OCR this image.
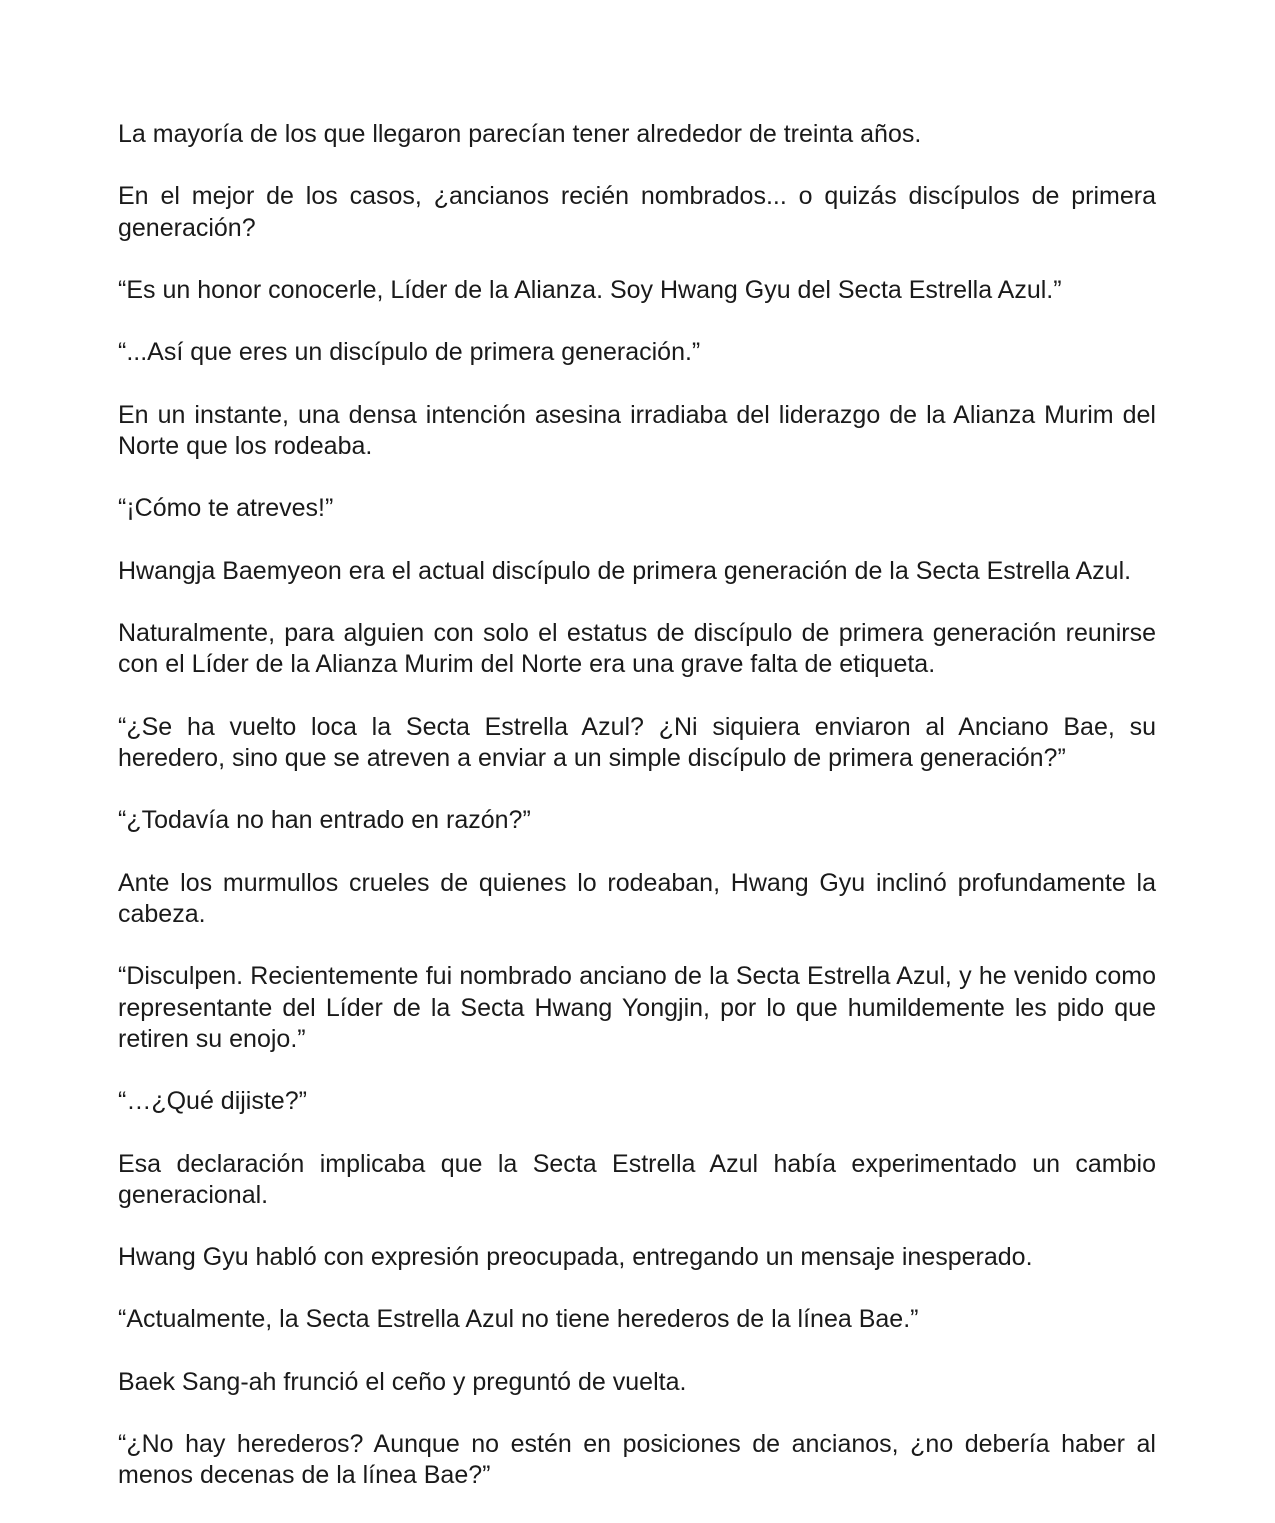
La mayoría de los que llegaron parecían tener alrededor de treinta años.

En el mejor de los casos, ¿ancianos recién nombrados... o quizás discípulos de primera generación?

“Es un honor conocerle, Líder de la Alianza. Soy Hwang Gyu del Secta Estrella Azul.”

“...Así que eres un discípulo de primera generación.”

En un instante, una densa intención asesina irradiaba del liderazgo de la Alianza Murim del Norte que los rodeaba.

“¡Cómo te atreves!”

Hwangja Baemyeon era el actual discípulo de primera generación de la Secta Estrella Azul.

Naturalmente, para alguien con solo el estatus de discípulo de primera generación reunirse con el Líder de la Alianza Murim del Norte era una grave falta de etiqueta.

“¿Se ha vuelto loca la Secta Estrella Azul? ¿Ni siquiera enviaron al Anciano Bae, su heredero, sino que se atreven a enviar a un simple discípulo de primera generación?”

“¿Todavía no han entrado en razón?”

Ante los murmullos crueles de quienes lo rodeaban, Hwang Gyu inclinó profundamente la cabeza.

“Disculpen. Recientemente fui nombrado anciano de la Secta Estrella Azul, y he venido como representante del Líder de la Secta Hwang Yongjin, por lo que humildemente les pido que retiren su enojo.”

“…¿Qué dijiste?”

Esa declaración implicaba que la Secta Estrella Azul había experimentado un cambio generacional.

Hwang Gyu habló con expresión preocupada, entregando un mensaje inesperado.

“Actualmente, la Secta Estrella Azul no tiene herederos de la línea Bae.”

Baek Sang-ah frunció el ceño y preguntó de vuelta.

“¿No hay herederos? Aunque no estén en posiciones de ancianos, ¿no debería haber al menos decenas de la línea Bae?”
